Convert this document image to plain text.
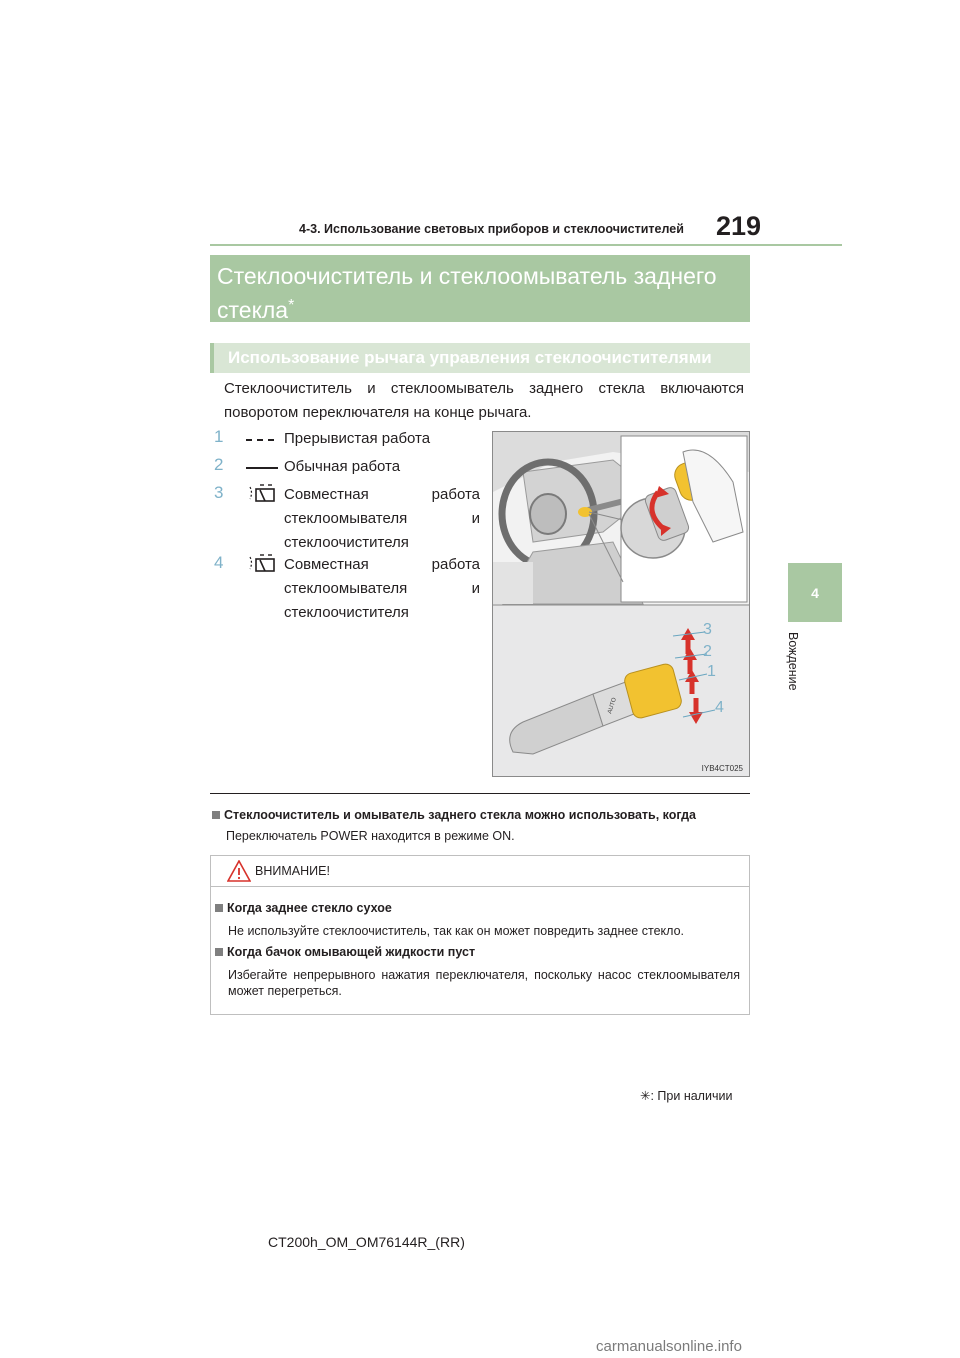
4-3. Использование световых приборов и стеклоочистителей 219
4
Вождение
Стеклоочиститель и стеклоомыватель заднего стекла*
Использование рычага управления стеклоочистителями
Стеклоочиститель и стеклоомыватель заднего стекла включаются поворотом переключателя на конце рычага.
1	Прерывистая работа
2	Обычная работа
3	Совместная работа
стеклоомывателя и
стеклоочистителя
4	Совместная работа
стеклоомывателя и
стеклоочистителя
AUTO
3
2
1
4
IYB4CT025
Стеклоочиститель и омыватель заднего стекла можно использовать, когда
Переключатель POWER находится в режиме ON.
ВНИМАНИЕ!
Когда заднее стекло сухое
Не используйте стеклоочиститель, так как он может повредить заднее стекло.
Когда бачок омывающей жидкости пуст
Избегайте непрерывного нажатия переключателя, поскольку насос стеклоомывателя может перегреться.
✳: При наличии
CT200h_OM_OM76144R_(RR)
carmanualsonline.info
